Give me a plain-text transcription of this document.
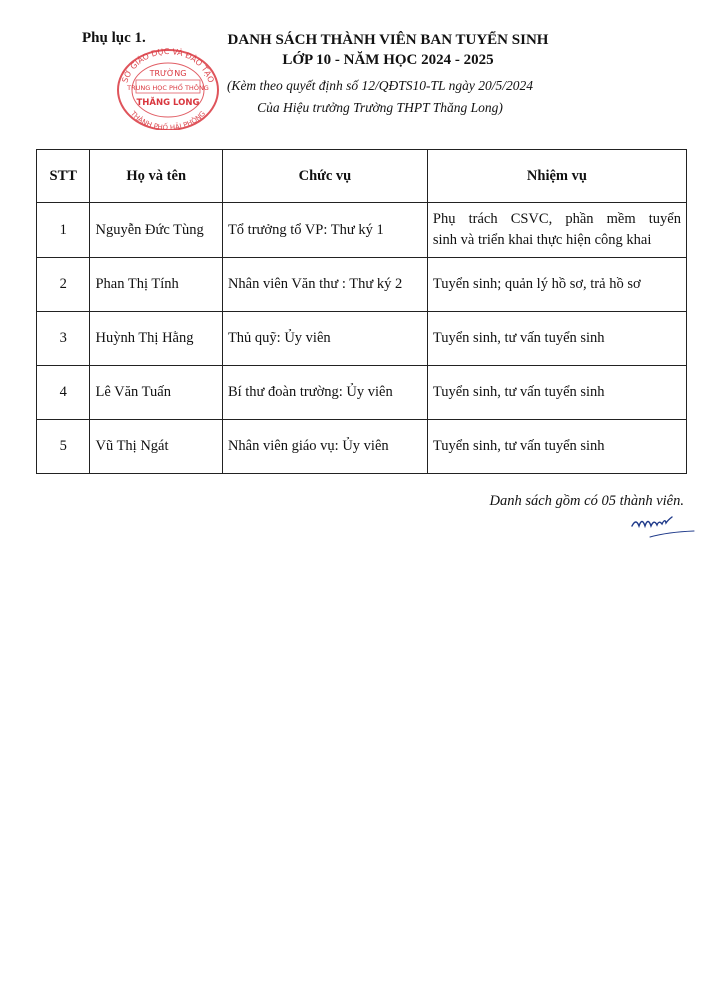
Phụ lục 1.	DANH SÁCH THÀNH VIÊN BAN TUYỂN SINH
LỚP 10 - NĂM HỌC 2024 - 2025
(Kèm theo quyết định số 12/QĐTS10-TL ngày 20/5/2024
Của Hiệu trưởng Trường THPT Thăng Long)
SỞ GIÁO DỤC VÀ ĐÀO TẠO
THÀNH PHỐ HẢI PHÒNG
TRƯỜNG
TRUNG HỌC PHỔ THÔNG
THĂNG LONG
STT	Họ và tên	Chức vụ	Nhiệm vụ
1	Nguyễn Đức Tùng	Tổ trưởng tổ VP: Thư ký 1	Phụ trách CSVC, phần mềm tuyển
sinh và triển khai thực hiện công khai

2	Phan Thị Tính	Nhân viên Văn thư : Thư ký 2	Tuyển sinh; quản lý hồ sơ, trả hồ sơ
3	Huỳnh Thị Hằng	Thủ quỹ: Ủy viên	Tuyển sinh, tư vấn tuyển sinh
4	Lê Văn Tuấn	Bí thư đoàn trường: Ủy viên	Tuyển sinh, tư vấn tuyển sinh
5	Vũ Thị Ngát	Nhân viên giáo vụ: Ủy viên	Tuyển sinh, tư vấn tuyển sinh
Danh sách gồm có 05 thành viên.
